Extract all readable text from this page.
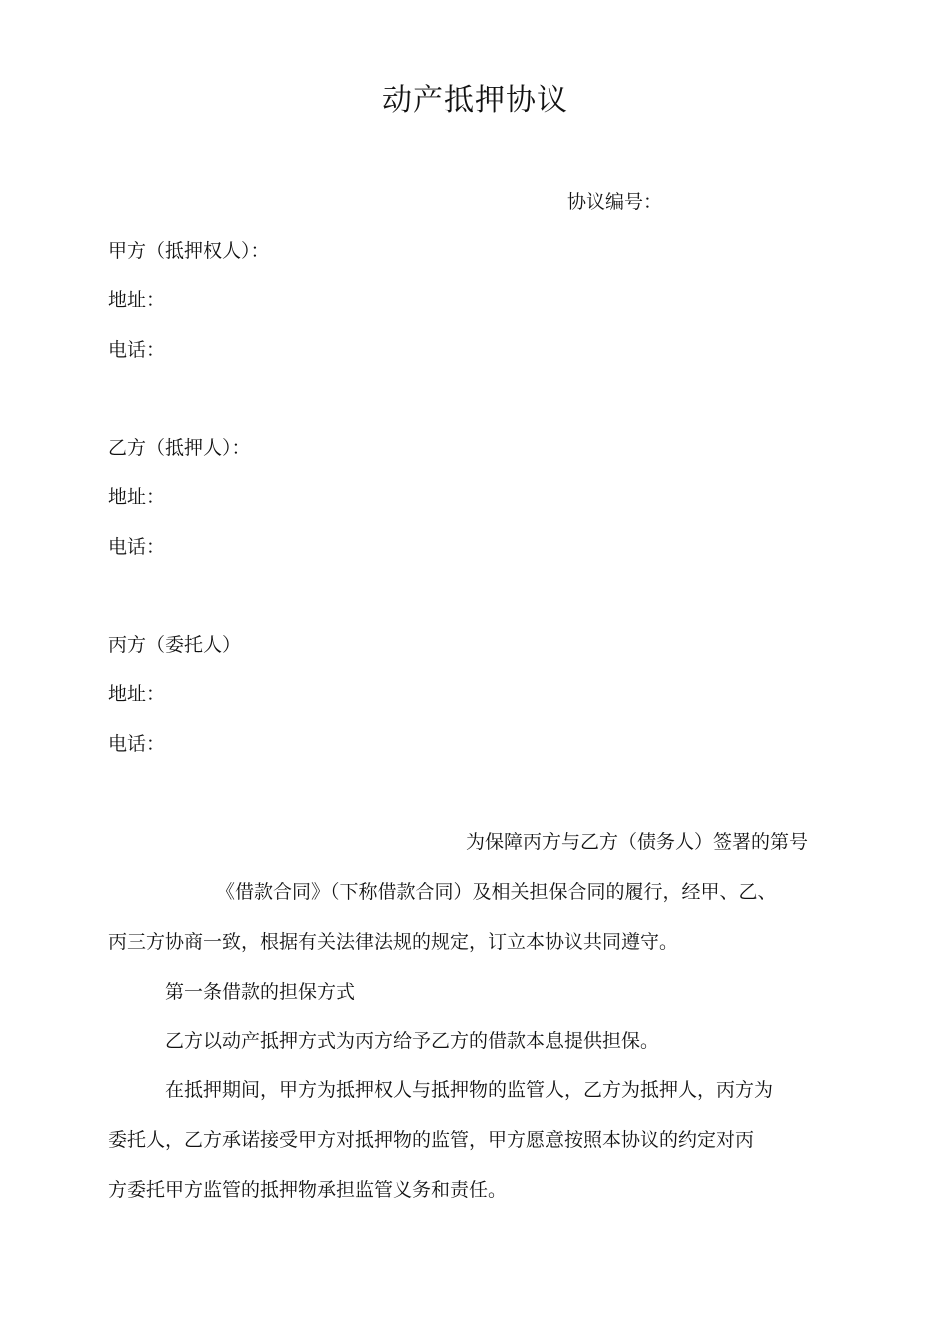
动产抵押协议
协议编号：
甲方（抵押权人）：
地址：
电话：
乙方（抵押人）：
地址：
电话：
丙方（委托人）
地址：
电话：
为保障丙方与乙方（债务人）签署的第号
《借款合同》（下称借款合同）及相关担保合同的履行，经甲、乙、
丙三方协商一致，根据有关法律法规的规定，订立本协议共同遵守。
第一条借款的担保方式
乙方以动产抵押方式为丙方给予乙方的借款本息提供担保。
在抵押期间，甲方为抵押权人与抵押物的监管人，乙方为抵押人，丙方为
委托人，乙方承诺接受甲方对抵押物的监管，甲方愿意按照本协议的约定对丙
方委托甲方监管的抵押物承担监管义务和责任。
